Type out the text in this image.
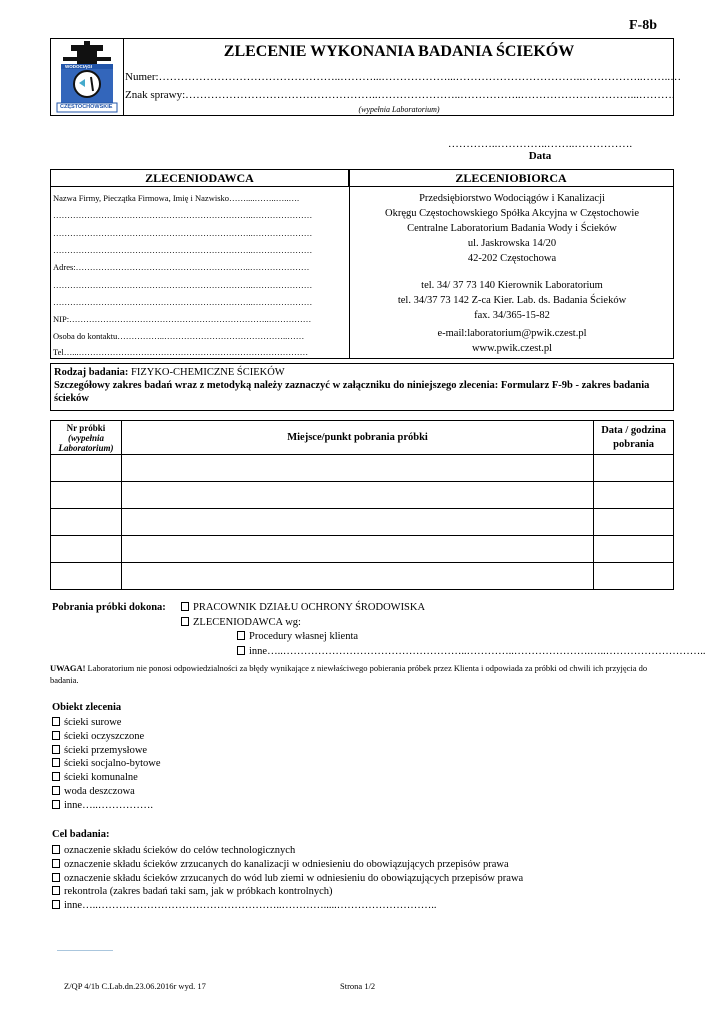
F-8b
WODOCIĄGI
CZĘSTOCHOWSKIE
ZLECENIE WYKONANIA BADANIA ŚCIEKÓW
Numer:…………………………………………..………...………………...……………………………..……………..……..…
Znak sprawy:……………………………………………..…………………..……………..…………………………...……….
(wypełnia Laboratorium)
…………..…………..……..…………….
Data
ZLECENIODAWCA	ZLECENIOBIORCA
Nazwa Firmy, Pieczątka Firmowa, Imię i Nazwisko……....……..…..….
……………………………………………………………..…………………
……………………………………………………………..…………………
……………………………………………………………..…………………
Adres:……………………………………………………..…………………
……………………………………………………………..…………………
……………………………………………………………..…………………
NIP:……………………………………………………………..……………
Osoba do kontaktu……………..……………………………………..……
Tel…...………………………………………………………………………
Przedsiębiorstwo Wodociągów i Kanalizacji
Okręgu Częstochowskiego Spółka Akcyjna w Częstochowie
Centralne Laboratorium Badania Wody i Ścieków
ul. Jaskrowska 14/20
42-202 Częstochowa
tel. 34/ 37 73 140 Kierownik Laboratorium
tel. 34/37 73 142 Z-ca Kier. Lab. ds. Badania Ścieków
fax. 34/365-15-82
e-mail:laboratorium@pwik.czest.pl
www.pwik.czest.pl
Rodzaj badania: FIZYKO-CHEMICZNE ŚCIEKÓW
Szczegółowy zakres badań wraz z metodyką należy zaznaczyć w załączniku do niniejszego zlecenia: Formularz F-9b - zakres badania ścieków
Nr próbki
(wypełnia Laboratorium)	Miejsce/punkt pobrania próbki	Data / godzina pobrania

Pobrania próbki dokona:	PRACOWNIK DZIAŁU OCHRONY ŚRODOWISKA
ZLECENIODAWCA wg:
Procedury własnej klienta
inne…..……………………………………………..…………..………………….…..………………………..
UWAGA! Laboratorium nie ponosi odpowiedzialności za błędy wynikające z niewłaściwego pobierania próbek przez Klienta i odpowiada za próbki od chwili ich przyjęcia do badania.
Obiekt zlecenia
ścieki surowe
ścieki oczyszczone
ścieki przemysłowe
ścieki socjalno-bytowe
ścieki komunalne
woda deszczowa
inne…..…………….
Cel badania:
oznaczenie składu ścieków do celów technologicznych
oznaczenie składu ścieków zrzucanych do kanalizacji w odniesieniu do obowiązujących przepisów prawa
oznaczenie składu ścieków zrzucanych do wód lub ziemi w odniesieniu do obowiązujących przepisów prawa
rekontrola (zakres badań taki sam, jak w próbkach kontrolnych)
inne…..……………………………………………..………….....………………………..
Z/QP 4/1b C.Lab.dn.23.06.2016r wyd. 17	Strona 1/2
